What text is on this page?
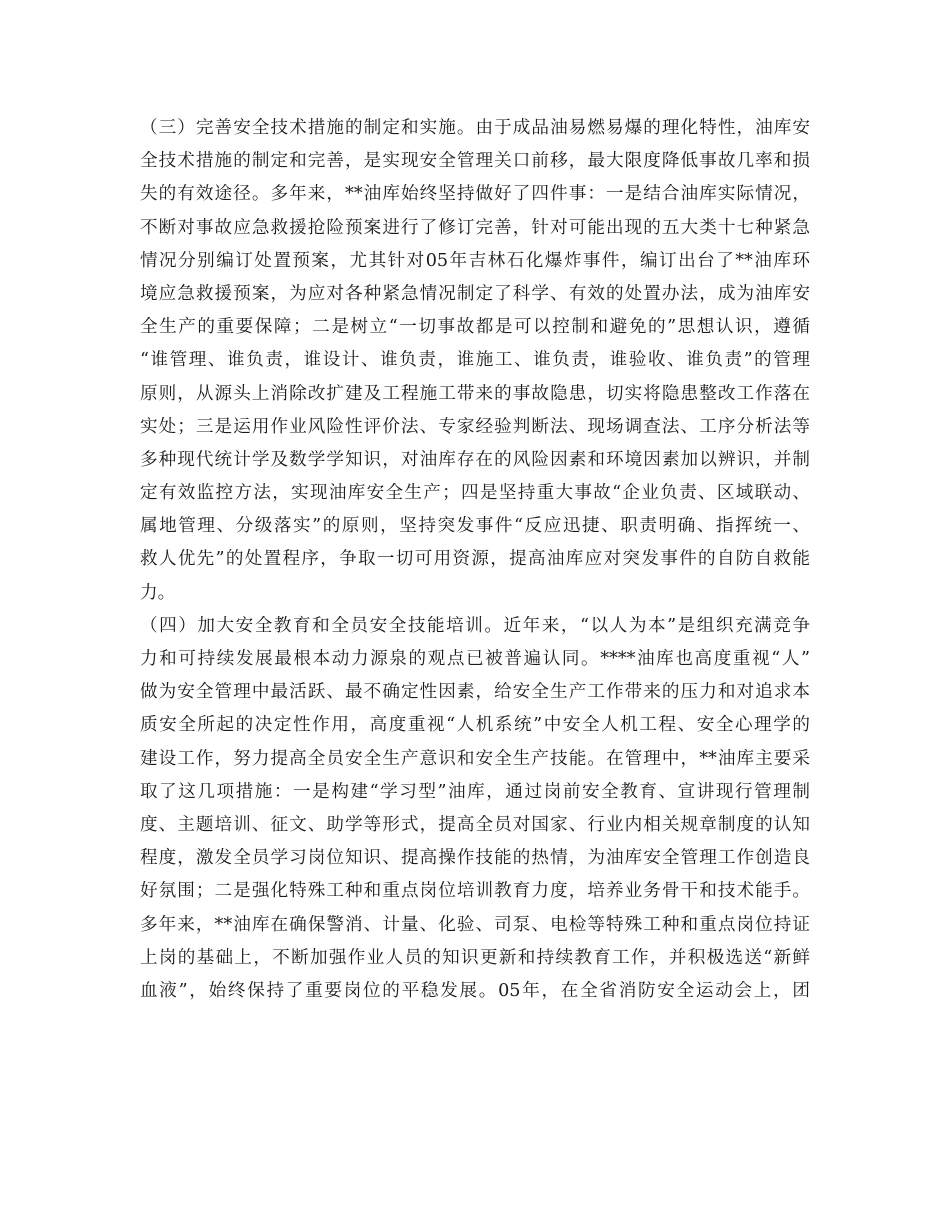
（三）完善安全技术措施的制定和实施。由于成品油易燃易爆的理化特性，油库安
全技术措施的制定和完善，是实现安全管理关口前移，最大限度降低事故几率和损
失的有效途径。多年来，**油库始终坚持做好了四件事：一是结合油库实际情况，
不断对事故应急救援抢险预案进行了修订完善，针对可能出现的五大类十七种紧急
情况分别编订处置预案，尤其针对05年吉林石化爆炸事件，编订出台了**油库环
境应急救援预案，为应对各种紧急情况制定了科学、有效的处置办法，成为油库安
全生产的重要保障；二是树立“一切事故都是可以控制和避免的”思想认识，遵循
“谁管理、谁负责，谁设计、谁负责，谁施工、谁负责，谁验收、谁负责”的管理
原则，从源头上消除改扩建及工程施工带来的事故隐患，切实将隐患整改工作落在
实处；三是运用作业风险性评价法、专家经验判断法、现场调查法、工序分析法等
多种现代统计学及数学学知识，对油库存在的风险因素和环境因素加以辨识，并制
定有效监控方法，实现油库安全生产；四是坚持重大事故“企业负责、区域联动、
属地管理、分级落实”的原则，坚持突发事件“反应迅捷、职责明确、指挥统一、
救人优先”的处置程序，争取一切可用资源，提高油库应对突发事件的自防自救能
力。
（四）加大安全教育和全员安全技能培训。近年来，“以人为本”是组织充满竞争
力和可持续发展最根本动力源泉的观点已被普遍认同。****油库也高度重视“人”
做为安全管理中最活跃、最不确定性因素，给安全生产工作带来的压力和对追求本
质安全所起的决定性作用，高度重视“人机系统”中安全人机工程、安全心理学的
建设工作，努力提高全员安全生产意识和安全生产技能。在管理中，**油库主要采
取了这几项措施：一是构建“学习型”油库，通过岗前安全教育、宣讲现行管理制
度、主题培训、征文、助学等形式，提高全员对国家、行业内相关规章制度的认知
程度，激发全员学习岗位知识、提高操作技能的热情，为油库安全管理工作创造良
好氛围；二是强化特殊工种和重点岗位培训教育力度，培养业务骨干和技术能手。
多年来，**油库在确保警消、计量、化验、司泵、电检等特殊工种和重点岗位持证
上岗的基础上，不断加强作业人员的知识更新和持续教育工作，并积极选送“新鲜
血液”，始终保持了重要岗位的平稳发展。05年，在全省消防安全运动会上，团
